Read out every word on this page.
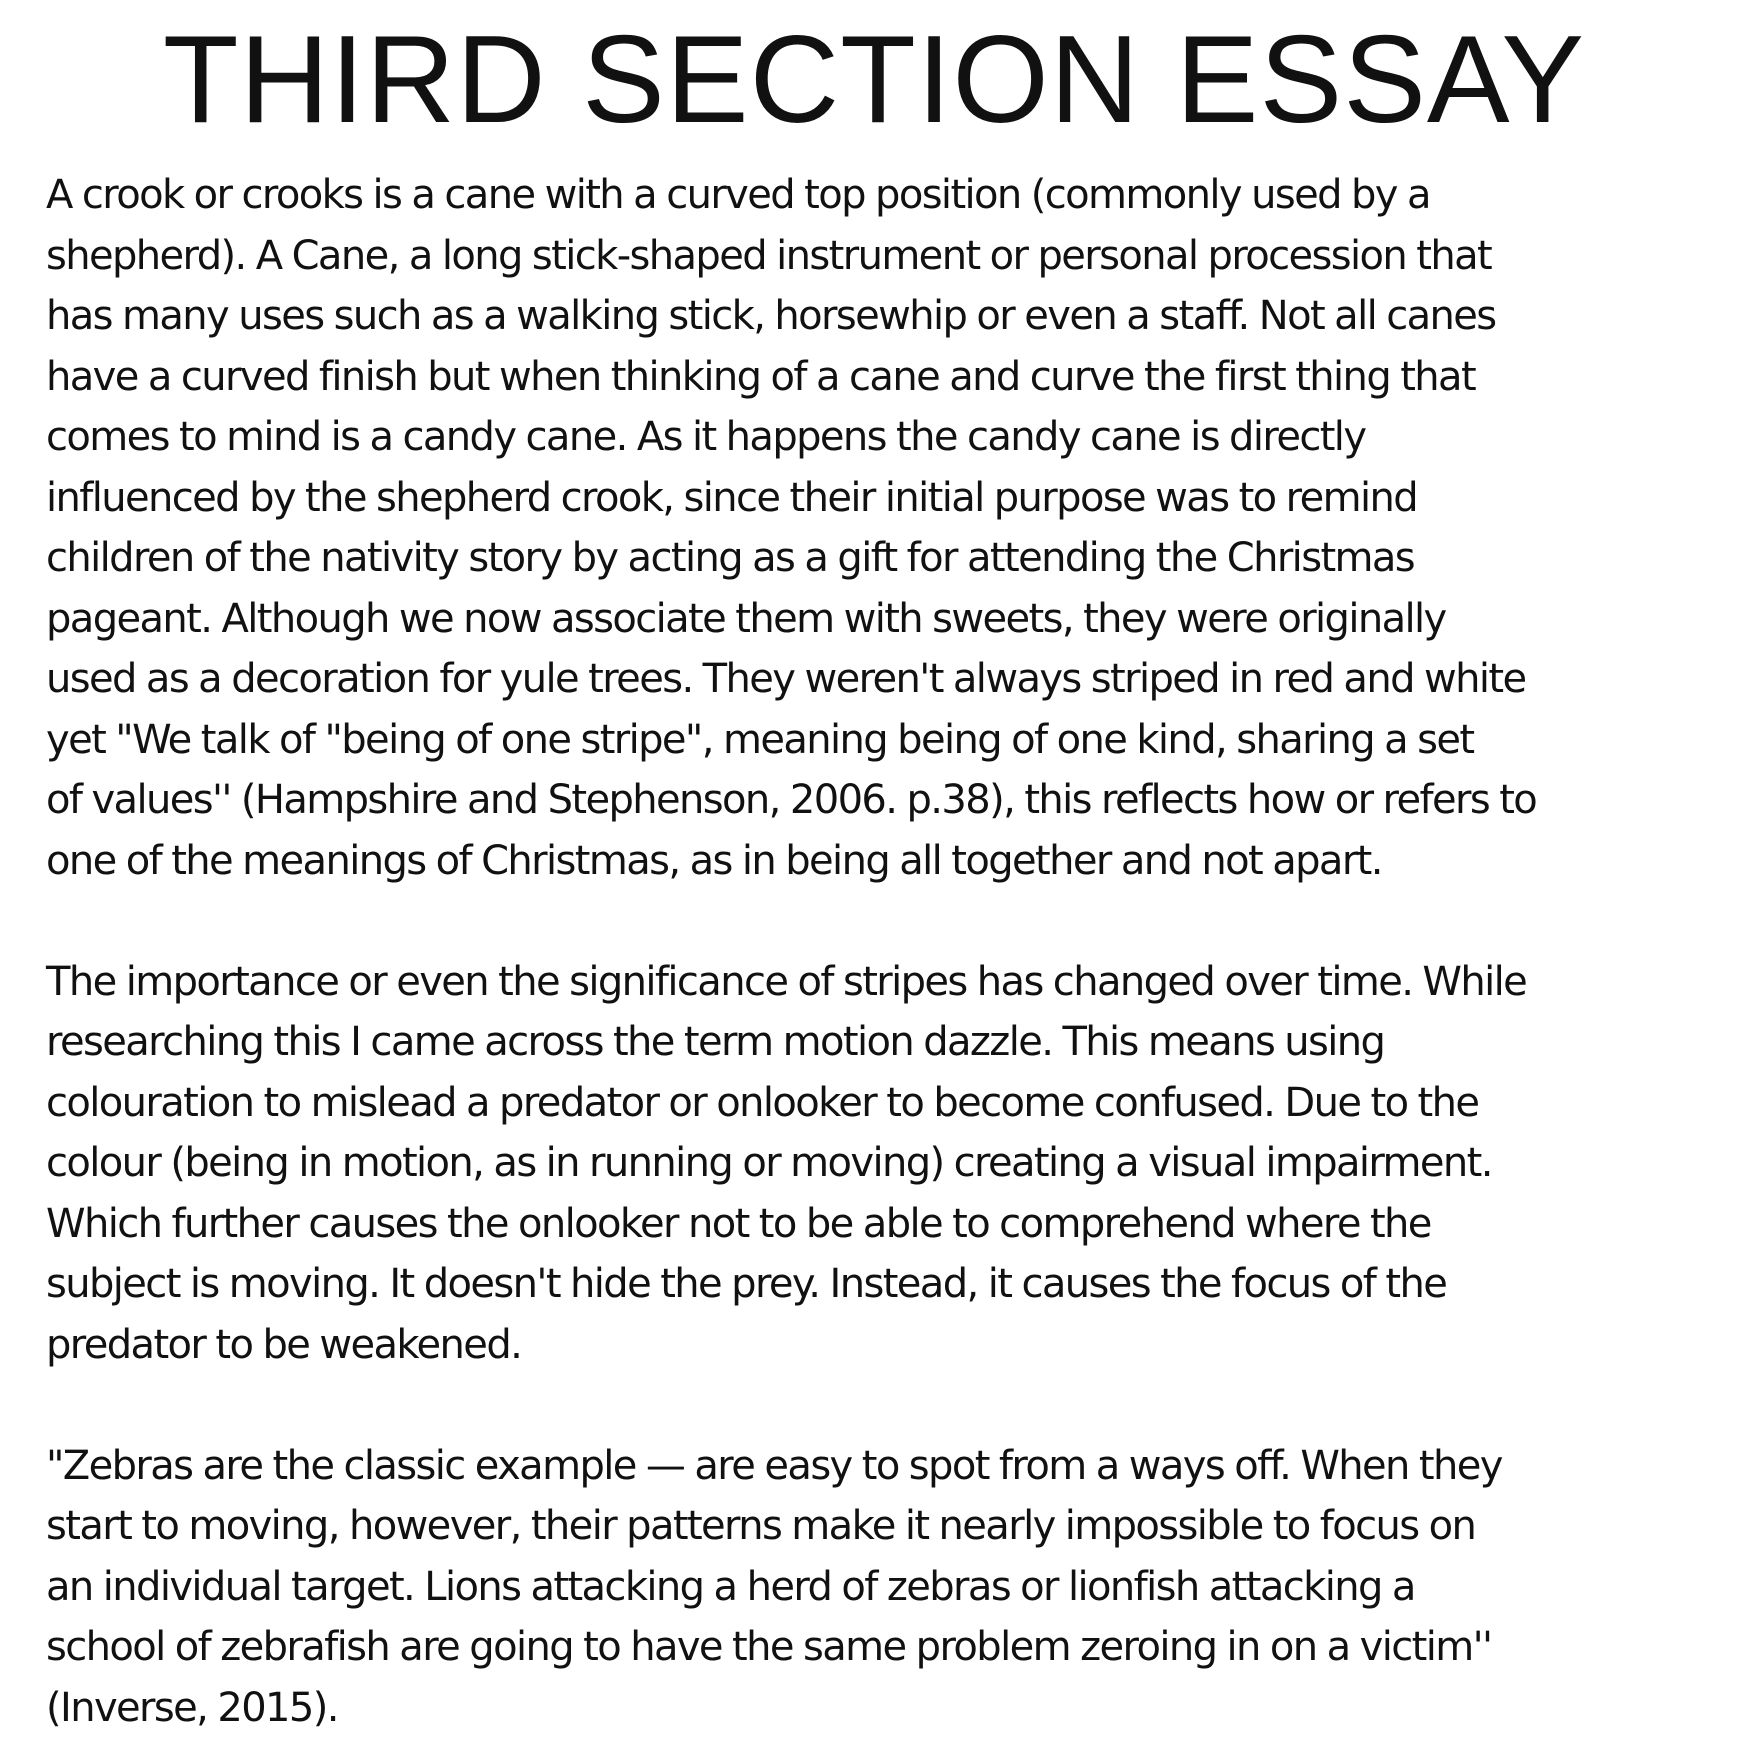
THIRD SECTION ESSAY

A crook or crooks is a cane with a curved top position (commonly used by a
shepherd). A Cane, a long stick-shaped instrument or personal procession that
has many uses such as a walking stick, horsewhip or even a staff. Not all canes
have a curved finish but when thinking of a cane and curve the first thing that
comes to mind is a candy cane. As it happens the candy cane is directly
influenced by the shepherd crook, since their initial purpose was to remind
children of the nativity story by acting as a gift for attending the Christmas
pageant. Although we now associate them with sweets, they were originally
used as a decoration for yule trees. They weren't always striped in red and white
yet "We talk of "being of one stripe", meaning being of one kind, sharing a set
of values'' (Hampshire and Stephenson, 2006. p.38), this reflects how or refers to
one of the meanings of Christmas, as in being all together and not apart.

The importance or even the significance of stripes has changed over time. While
researching this I came across the term motion dazzle. This means using
colouration to mislead a predator or onlooker to become confused. Due to the
colour (being in motion, as in running or moving) creating a visual impairment.
Which further causes the onlooker not to be able to comprehend where the
subject is moving. It doesn't hide the prey. Instead, it causes the focus of the
predator to be weakened.

"Zebras are the classic example — are easy to spot from a ways off. When they
start to moving, however, their patterns make it nearly impossible to focus on
an individual target. Lions attacking a herd of zebras or lionfish attacking a
school of zebrafish are going to have the same problem zeroing in on a victim''
(Inverse, 2015).
